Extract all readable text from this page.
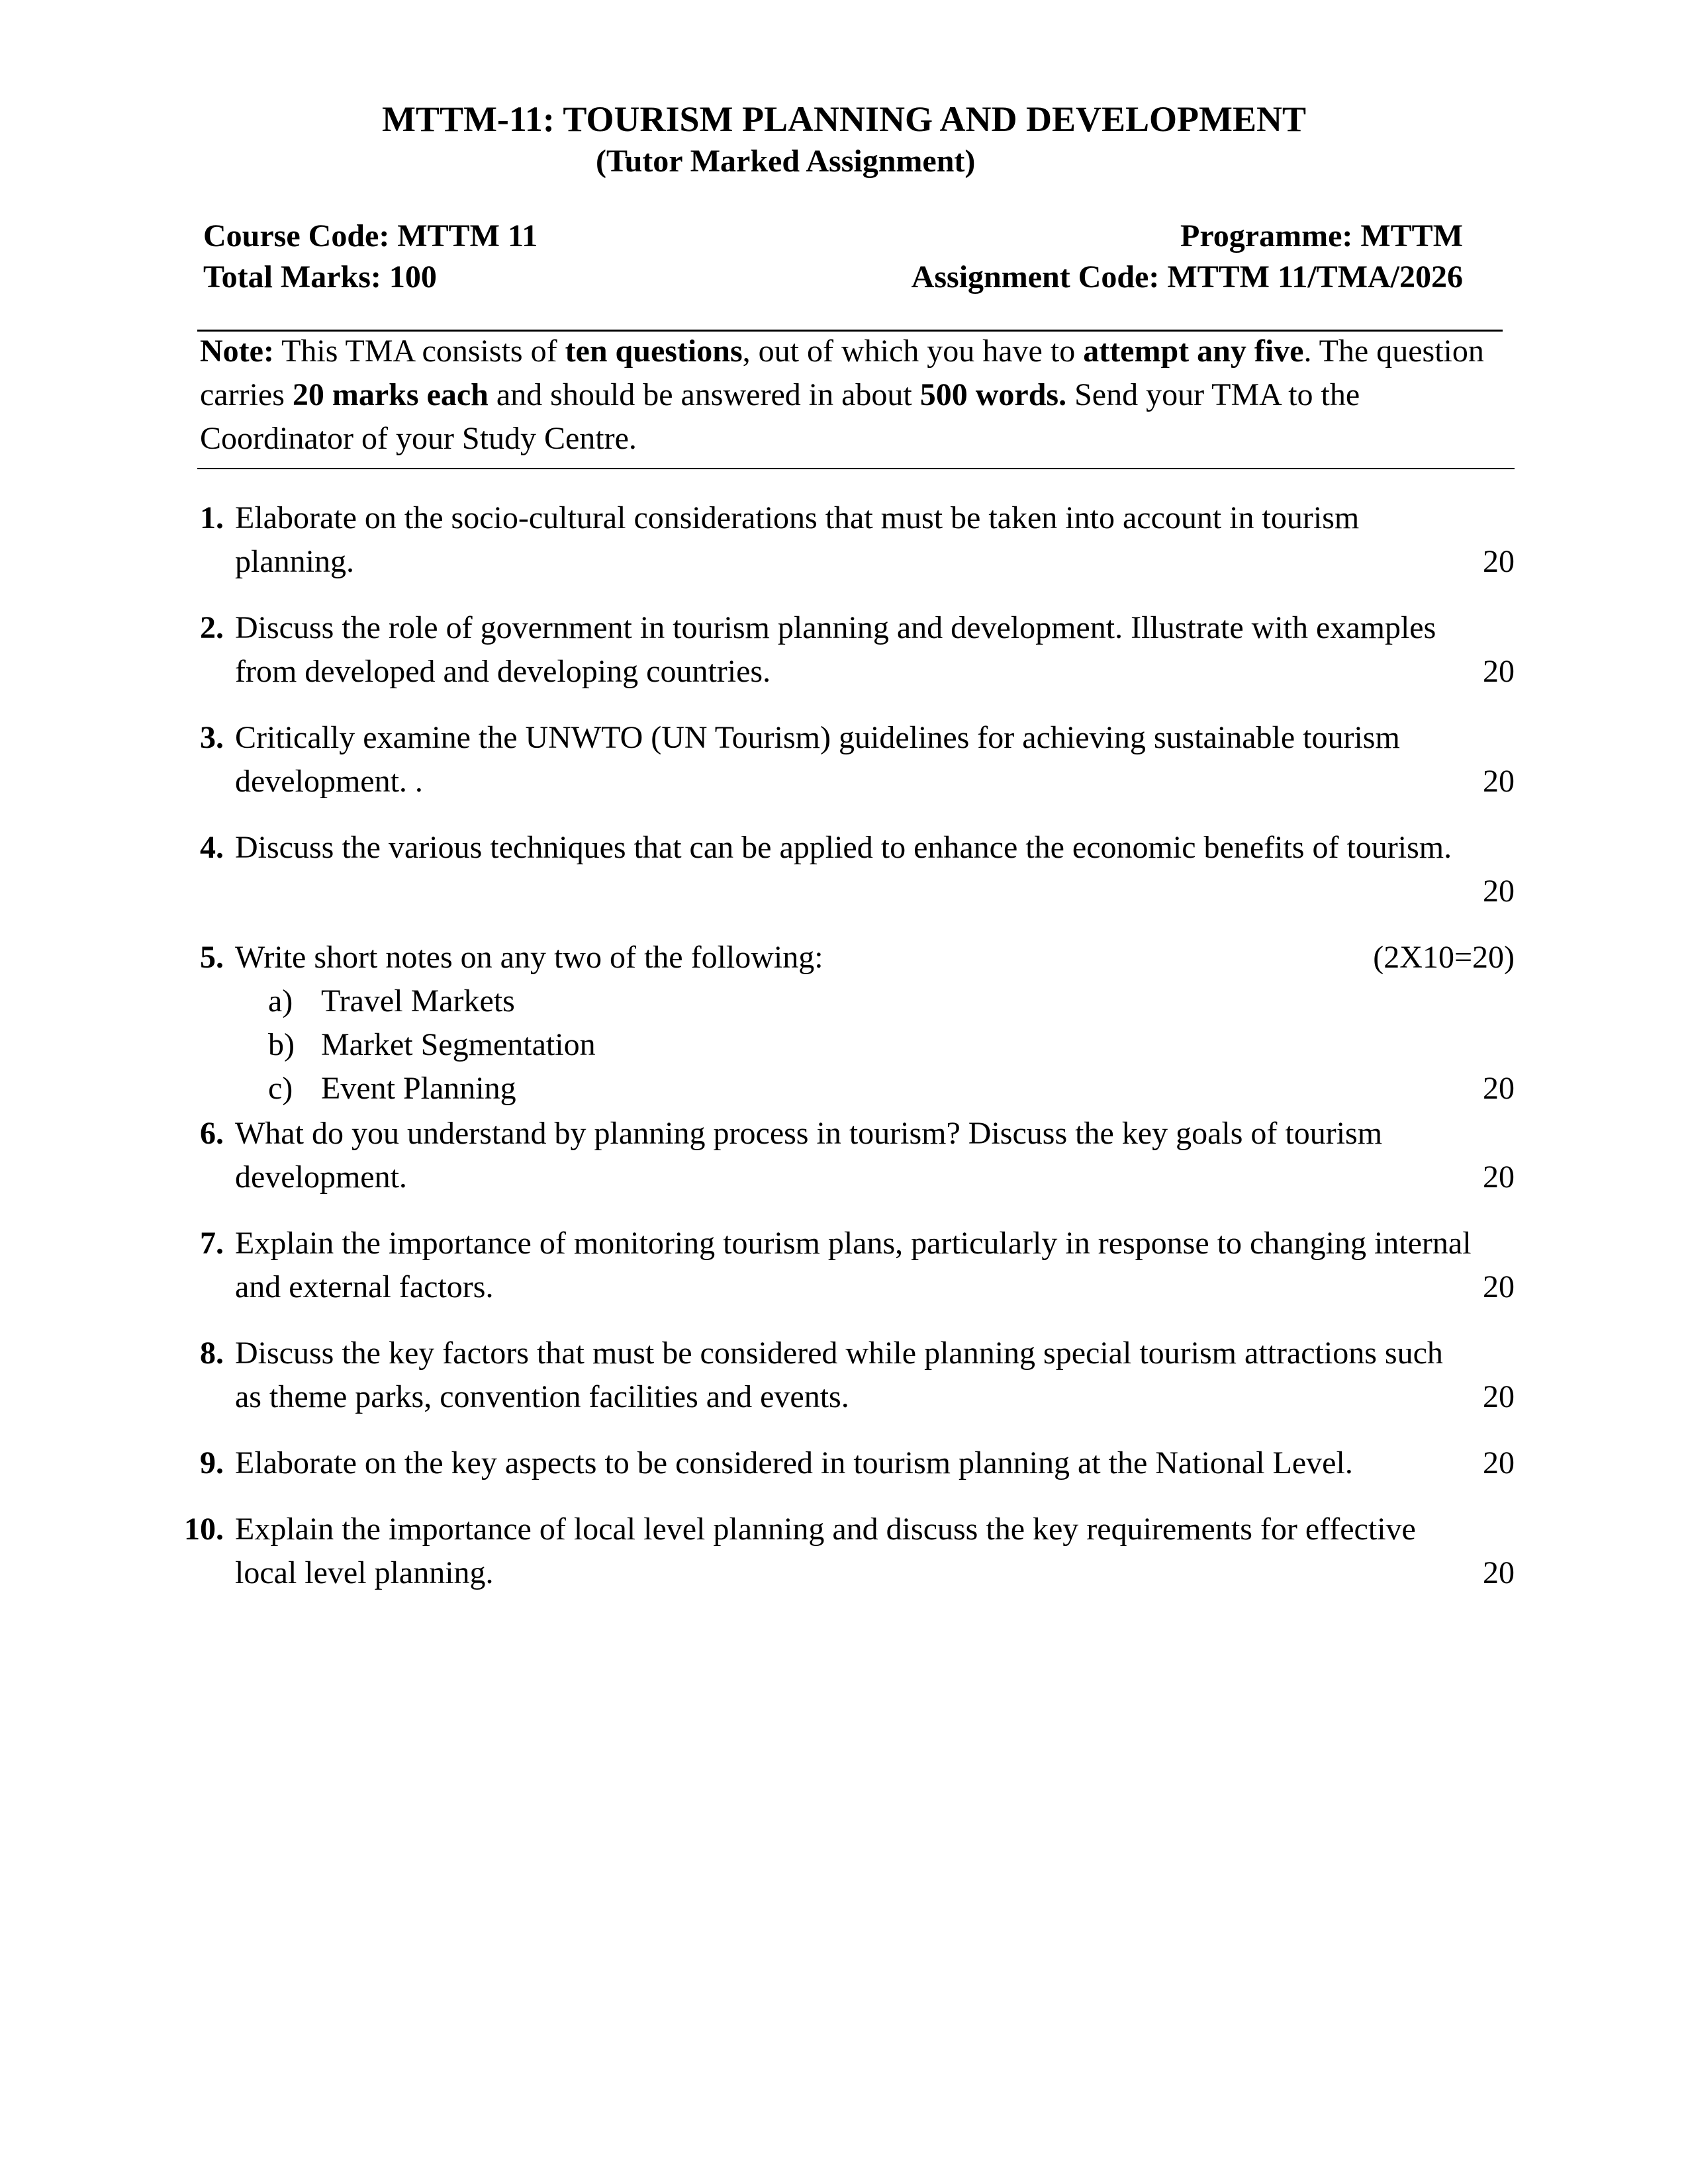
MTTM-11: TOURISM PLANNING AND DEVELOPMENT
(Tutor Marked Assignment)
Course Code: MTTM 11
Total Marks: 100
Programme: MTTM
Assignment Code: MTTM 11/TMA/2026
Note: This TMA consists of ten questions, out of which you have to attempt any five. The question carries 20 marks each and should be answered in about 500 words. Send your TMA to the Coordinator of your Study Centre.
1. Elaborate on the socio-cultural considerations that must be taken into account in tourism
planning.	20
2. Discuss the role of government in tourism planning and development. Illustrate with examples
from developed and developing countries.	20
3. Critically examine the UNWTO (UN Tourism) guidelines for achieving sustainable tourism
development. .	20
4. Discuss the various techniques that can be applied to enhance the economic benefits of tourism.
20
5. Write short notes on any two of the following:	(2X10=20)
a) Travel Markets
b) Market Segmentation
c) Event Planning	20
6. What do you understand by planning process in tourism? Discuss the key goals of tourism
development.	20
7. Explain the importance of monitoring tourism plans, particularly in response to changing internal
and external factors.	20
8. Discuss the key factors that must be considered while planning special tourism attractions such
as theme parks, convention facilities and events.	20
9. Elaborate on the key aspects to be considered in tourism planning at the National Level.	20
10. Explain the importance of local level planning and discuss the key requirements for effective
local level planning.	20
